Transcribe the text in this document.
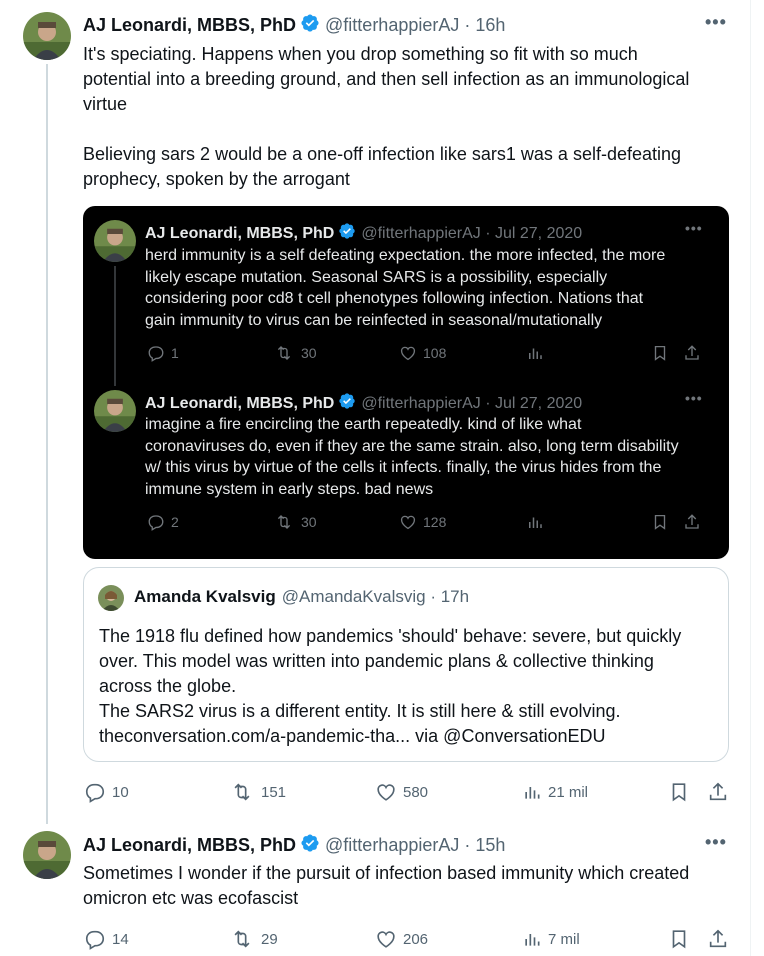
AJ Leonardi, MBBS, PhD @fitterhappierAJ · 16h	•••
It's speciating. Happens when you drop something so fit with so much
potential into a breeding ground, and then sell infection as an immunological
virtue

Believing sars 2 would be a one-off infection like sars1 was a self-defeating
prophecy, spoken by the arrogant
AJ Leonardi, MBBS, PhD @fitterhappierAJ · Jul 27, 2020	•••
herd immunity is a self defeating expectation. the more infected, the more
likely escape mutation. Seasonal SARS is a possibility, especially
considering poor cd8 t cell phenotypes following infection. Nations that
gain immunity to virus can be reinfected in seasonal/mutationally
1	30	108
AJ Leonardi, MBBS, PhD @fitterhappierAJ · Jul 27, 2020	•••
imagine a fire encircling the earth repeatedly. kind of like what
coronaviruses do, even if they are the same strain. also, long term disability
w/ this virus by virtue of the cells it infects. finally, the virus hides from the
immune system in early steps. bad news
2	30	128
Amanda Kvalsvig @AmandaKvalsvig · 17h
The 1918 flu defined how pandemics 'should' behave: severe, but quickly
over. This model was written into pandemic plans & collective thinking
across the globe.
The SARS2 virus is a different entity. It is still here & still evolving.
theconversation.com/a-pandemic-tha... via @ConversationEDU
10	151	580	21 mil
AJ Leonardi, MBBS, PhD @fitterhappierAJ · 15h	•••
Sometimes I wonder if the pursuit of infection based immunity which created
omicron etc was ecofascist
14	29	206	7 mil
